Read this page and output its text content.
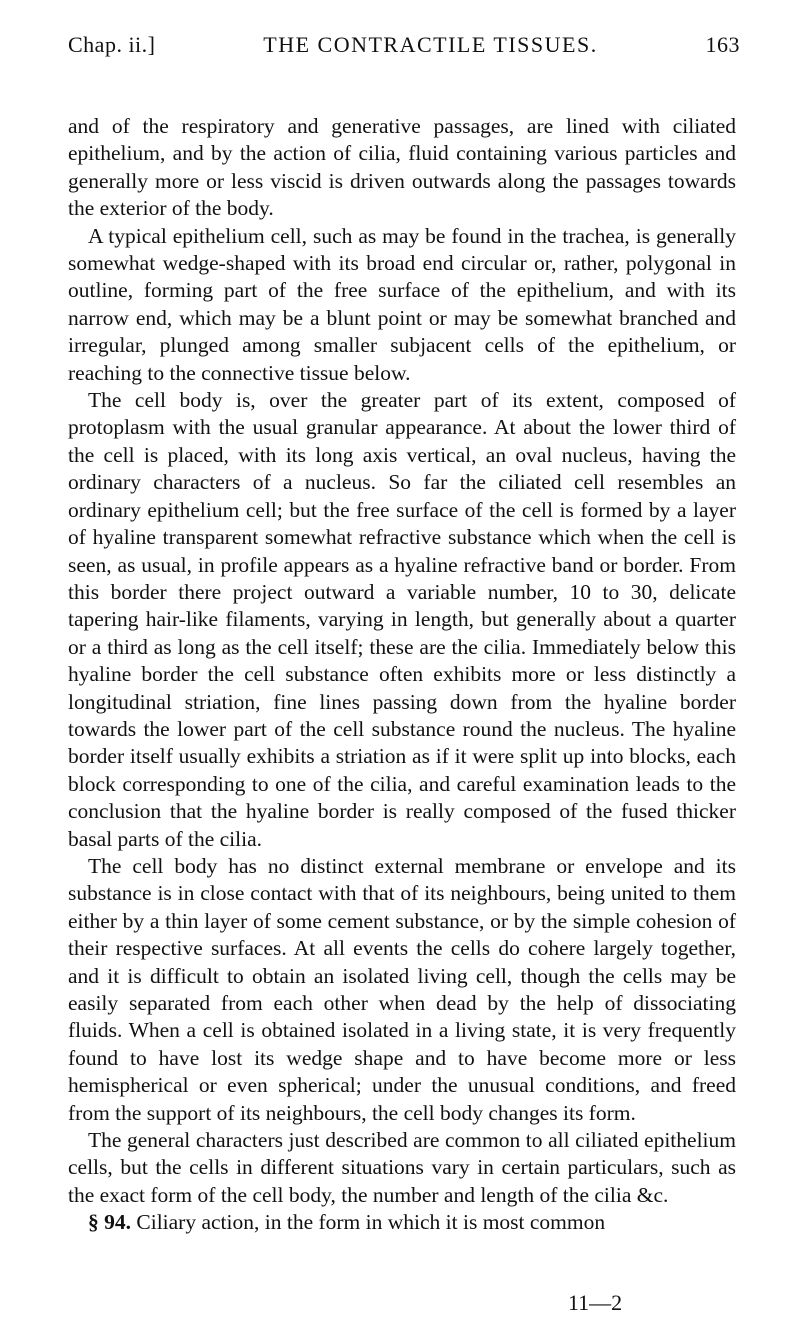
Chap. ii.]	THE CONTRACTILE TISSUES.	163

and of the respiratory and generative passages, are lined with ciliated epithelium, and by the action of cilia, fluid containing various particles and generally more or less viscid is driven outwards along the passages towards the exterior of the body.

A typical epithelium cell, such as may be found in the trachea, is generally somewhat wedge-shaped with its broad end circular or, rather, polygonal in outline, forming part of the free surface of the epithelium, and with its narrow end, which may be a blunt point or may be somewhat branched and irregular, plunged among smaller subjacent cells of the epithelium, or reaching to the connective tissue below.

The cell body is, over the greater part of its extent, composed of protoplasm with the usual granular appearance. At about the lower third of the cell is placed, with its long axis vertical, an oval nucleus, having the ordinary characters of a nucleus. So far the ciliated cell resembles an ordinary epithelium cell; but the free surface of the cell is formed by a layer of hyaline transparent somewhat refractive substance which when the cell is seen, as usual, in profile appears as a hyaline refractive band or border. From this border there project outward a variable number, 10 to 30, delicate tapering hair-like filaments, varying in length, but generally about a quarter or a third as long as the cell itself; these are the cilia. Immediately below this hyaline border the cell substance often exhibits more or less distinctly a longitudinal striation, fine lines passing down from the hyaline border towards the lower part of the cell substance round the nucleus. The hyaline border itself usually exhibits a striation as if it were split up into blocks, each block corresponding to one of the cilia, and careful examination leads to the conclusion that the hyaline border is really composed of the fused thicker basal parts of the cilia.

The cell body has no distinct external membrane or envelope and its substance is in close contact with that of its neighbours, being united to them either by a thin layer of some cement substance, or by the simple cohesion of their respective surfaces. At all events the cells do cohere largely together, and it is difficult to obtain an isolated living cell, though the cells may be easily separated from each other when dead by the help of dissociating fluids. When a cell is obtained isolated in a living state, it is very frequently found to have lost its wedge shape and to have become more or less hemispherical or even spherical; under the unusual conditions, and freed from the support of its neighbours, the cell body changes its form.

The general characters just described are common to all ciliated epithelium cells, but the cells in different situations vary in certain particulars, such as the exact form of the cell body, the number and length of the cilia &c.

§ 94. Ciliary action, in the form in which it is most common

11—2
